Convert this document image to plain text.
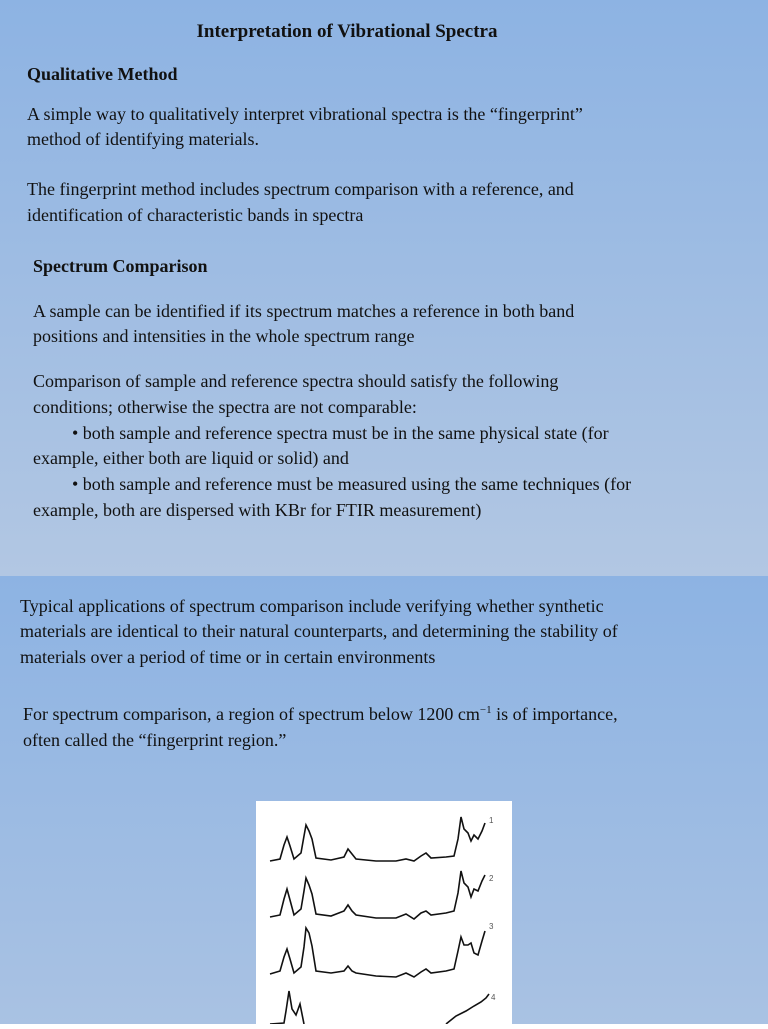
Interpretation of Vibrational Spectra
Qualitative Method
A simple way to qualitatively interpret vibrational spectra is the “fingerprint”
method of identifying materials.
The fingerprint method includes spectrum comparison with a reference, and
identification of characteristic bands in spectra
Spectrum Comparison
A sample can be identified if its spectrum matches a reference in both band
positions and intensities in the whole spectrum range
Comparison of sample and reference spectra should satisfy the following
conditions; otherwise the spectra are not comparable:
• both sample and reference spectra must be in the same physical state (for
example, either both are liquid or solid) and
• both sample and reference must be measured using the same techniques (for
example, both are dispersed with KBr for FTIR measurement)
Typical applications of spectrum comparison include verifying whether synthetic
materials are identical to their natural counterparts, and determining the stability of
materials over a period of time or in certain environments
For spectrum comparison, a region of spectrum below 1200 $cm^{-1}$ is of importance,
often called the “fingerprint region.”
1
2
3
4
